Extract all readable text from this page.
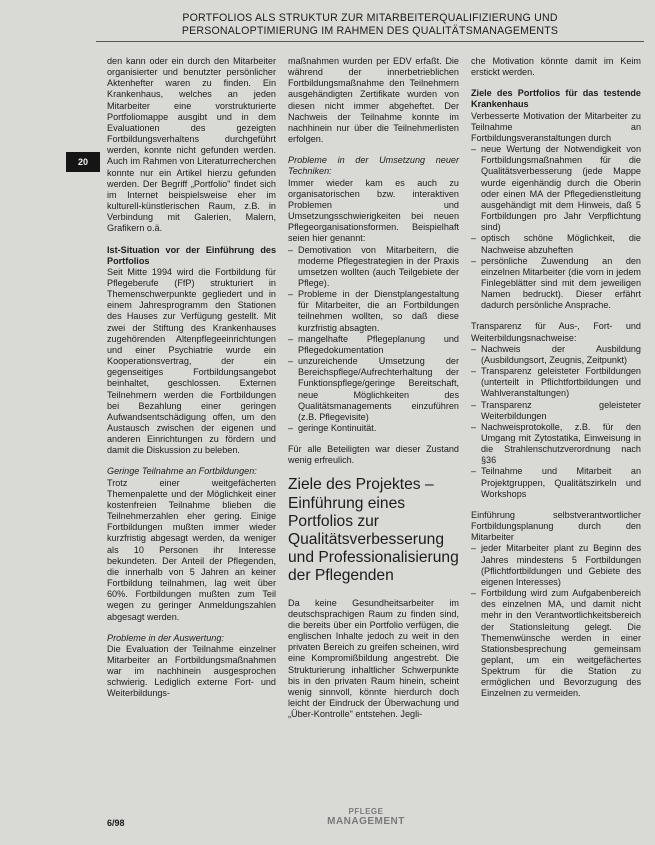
PORTFOLIOS ALS STRUKTUR ZUR MITARBEITERQUALIFIZIERUNG UND
PERSONALOPTIMIERUNG IM RAHMEN DES QUALITÄTSMANAGEMENTS
20

den kann oder ein durch den Mitarbeiter organisierter und benutzter persönlicher Aktenhefter waren zu finden. Ein Krankenhaus, welches an jeden Mitarbeiter eine vorstrukturierte Portfoliomappe ausgibt und in dem Evaluationen des gezeigten Fortbildungsverhaltens durchgeführt werden, konnte nicht gefunden werden. Auch im Rahmen von Literaturrecherchen konnte nur ein Artikel hierzu gefunden werden. Der Begriff „Portfolio" findet sich im Internet beispielsweise eher im kulturell-künstlerischen Raum, z.B. in Verbindung mit Galerien, Malern, Grafikern o.ä.

Ist-Situation vor der Einführung des Portfolios

Seit Mitte 1994 wird die Fortbildung für Pflegeberufe (FfP) strukturiert in Themenschwerpunkte gegliedert und in einem Jahresprogramm den Stationen des Hauses zur Verfügung gestellt. Mit zwei der Stiftung des Krankenhauses zugehörenden Altenpflegeeinrichtungen und einer Psychiatrie wurde ein Kooperationsvertrag, der ein gegenseitiges Fortbildungsangebot beinhaltet, geschlossen. Externen Teilnehmern werden die Fortbildungen bei Bezahlung einer geringen Aufwandsentschädigung offen, um den Austausch zwischen der eigenen und anderen Einrichtungen zu fördern und damit die Diskussion zu beleben.

Geringe Teilnahme an Fortbildungen:

Trotz einer weitgefächerten Themenpalette und der Möglichkeit einer kostenfreien Teilnahme blieben die Teilnehmerzahlen eher gering. Einige Fortbildungen mußten immer wieder kurzfristig abgesagt werden, da weniger als 10 Personen ihr Interesse bekundeten. Der Anteil der Pflegenden, die innerhalb von 5 Jahren an keiner Fortbildung teilnahmen, lag weit über 60%. Fortbildungen mußten zum Teil wegen zu geringer Anmeldungszahlen abgesagt werden.

Probleme in der Auswertung:

Die Evaluation der Teilnahme einzelner Mitarbeiter an Fortbildungsmaßnahmen war im nachhinein ausgesprochen schwierig. Lediglich externe Fort- und Weiterbildungs-

maßnahmen wurden per EDV erfaßt. Die während der innerbetrieblichen Fortbildungsmaßnahme den Teilnehmern ausgehändigten Zertifikate wurden von diesen nicht immer abgeheftet. Der Nachweis der Teilnahme konnte im nachhinein nur über die Teilnehmerlisten erfolgen.

Probleme in der Umsetzung neuer Techniken:

Immer wieder kam es auch zu organisatorischen bzw. interaktiven Problemen und Umsetzungsschwierigkeiten bei neuen Pflegeorganisationsformen. Beispielhaft seien hier genannt:

– Demotivation von Mitarbeitern, die moderne Pflegestrategien in der Praxis umsetzen wollten (auch Teilgebiete der Pflege).
– Probleme in der Dienstplangestaltung für Mitarbeiter, die an Fortbildungen teilnehmen wollten, so daß diese kurzfristig absagten.
– mangelhafte Pflegeplanung und Pflegedokumentation
– unzureichende Umsetzung der Bereichspflege/Aufrechterhaltung der Funktionspflege/geringe Bereitschaft, neue Möglichkeiten des Qualitätsmanagements einzuführen (z.B. Pflegevisite)
– geringe Kontinuität.

Für alle Beteiligten war dieser Zustand wenig erfreulich.

Ziele des Projektes – Einführung eines Portfolios zur Qualitätsverbesserung und Professionalisierung der Pflegenden

Da keine Gesundheitsarbeiter im deutschsprachigen Raum zu finden sind, die bereits über ein Portfolio verfügen, die englischen Inhalte jedoch zu weit in den privaten Bereich zu greifen scheinen, wird eine Kompromißbildung angestrebt. Die Strukturierung inhaltlicher Schwerpunkte bis in den privaten Raum hinein, scheint wenig sinnvoll, könnte hierdurch doch leicht der Eindruck der Überwachung und „Über-Kontrolle" entstehen. Jegli-

che Motivation könnte damit im Keim erstickt werden.

Ziele des Portfolios für das testende Krankenhaus

Verbesserte Motivation der Mitarbeiter zu Teilnahme an Fortbildungsveranstaltungen durch

– neue Wertung der Notwendigkeit von Fortbildungsmaßnahmen für die Qualitätsverbesserung (jede Mappe wurde eigenhändig durch die Oberin oder einen MA der Pflegedienstleitung ausgehändigt mit dem Hinweis, daß 5 Fortbildungen pro Jahr Verpflichtung sind)
– optisch schöne Möglichkeit, die Nachweise abzuheften
– persönliche Zuwendung an den einzelnen Mitarbeiter (die vorn in jedem Finlegeblätter sind mit dem jeweiligen Namen bedruckt). Dieser erfährt dadurch persönliche Ansprache.

Transparenz für Aus-, Fort- und Weiterbildungsnachweise:

– Nachweis der Ausbildung (Ausbildungsort, Zeugnis, Zeitpunkt)
– Transparenz geleisteter Fortbildungen (unterteilt in Pflichtfortbildungen und Wahlveranstaltungen)
– Transparenz geleisteter Weiterbildungen
– Nachweisprotokolle, z.B. für den Umgang mit Zytostatika, Einweisung in die Strahlenschutzverordnung nach §36
– Teilnahme und Mitarbeit an Projektgruppen, Qualitätszirkeln und Workshops

Einführung selbstverantwortlicher Fortbildungsplanung durch den Mitarbeiter

– jeder Mitarbeiter plant zu Beginn des Jahres mindestens 5 Fortbildungen (Pflichtfortbildungen und Gebiete des eigenen Interesses)
– Fortbildung wird zum Aufgabenbereich des einzelnen MA, und damit nicht mehr in den Verantwortlichkeitsbereich der Stationsleitung gelegt. Die Themenwünsche werden in einer Stationsbesprechung gemeinsam geplant, um ein weitgefächertes Spektrum für die Station zu ermöglichen und Bevorzugung des Einzelnen zu vermeiden.
6/98
PFLEGE
MANAGEMENT
